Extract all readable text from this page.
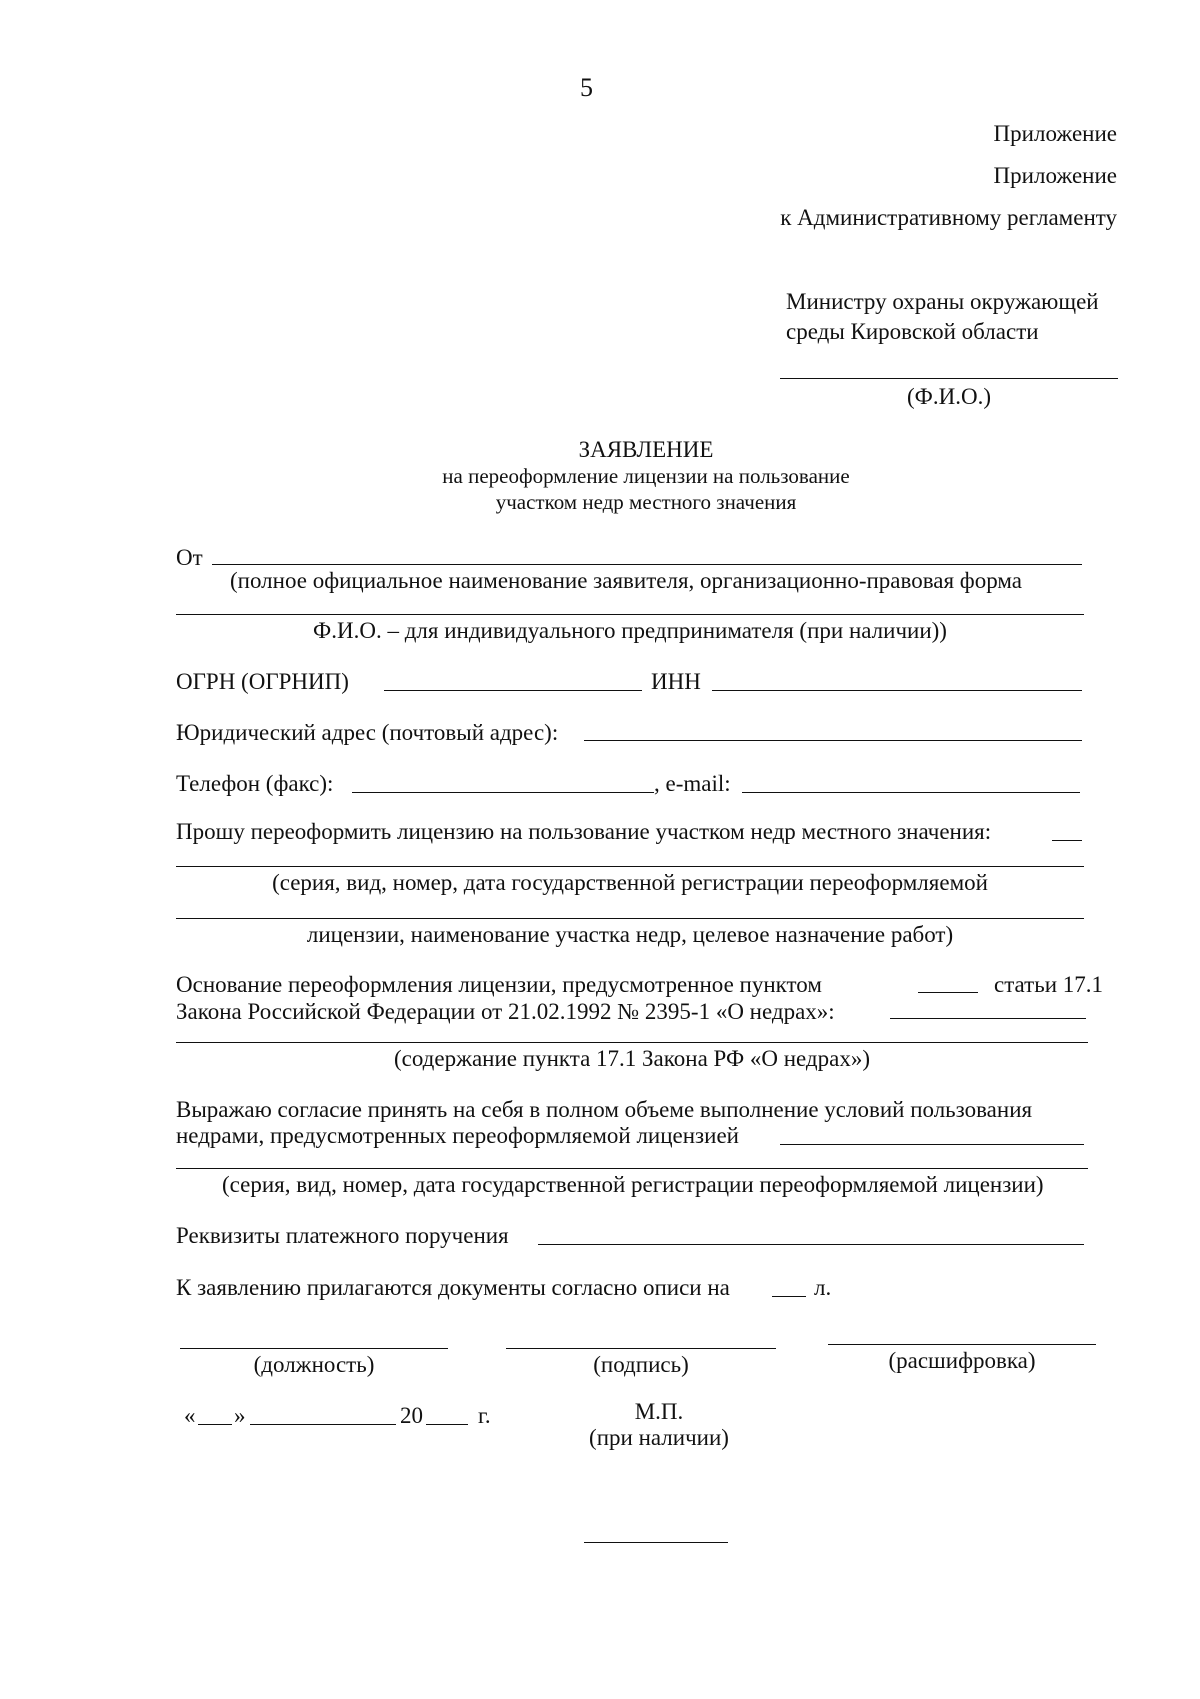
5
Приложение
Приложение
к Административному регламенту
Министру охраны окружающей
среды Кировской области
(Ф.И.О.)
ЗАЯВЛЕНИЕ
на переоформление лицензии на пользование
участком недр местного значения
От
(полное официальное наименование заявителя, организационно-правовая форма
Ф.И.О. – для индивидуального предпринимателя (при наличии))
ОГРН (ОГРНИП)	ИНН
Юридический адрес (почтовый адрес):
Телефон (факс):	, e-mail:
Прошу переоформить лицензию на пользование участком недр местного значения:
(серия, вид, номер, дата государственной регистрации переоформляемой
лицензии, наименование участка недр, целевое назначение работ)
Основание переоформления лицензии, предусмотренное пунктом	статьи 17.1
Закона Российской Федерации от 21.02.1992 № 2395-1 «О недрах»:
(содержание пункта 17.1 Закона РФ «О недрах»)
Выражаю согласие принять на себя в полном объеме выполнение условий пользования
недрами, предусмотренных переоформляемой лицензией
(серия, вид, номер, дата государственной регистрации переоформляемой лицензии)
Реквизиты платежного поручения
К заявлению прилагаются документы согласно описи на	л.
(должность)	(подпись)	(расшифровка)
« »	20 г.	М.П.
(при наличии)
